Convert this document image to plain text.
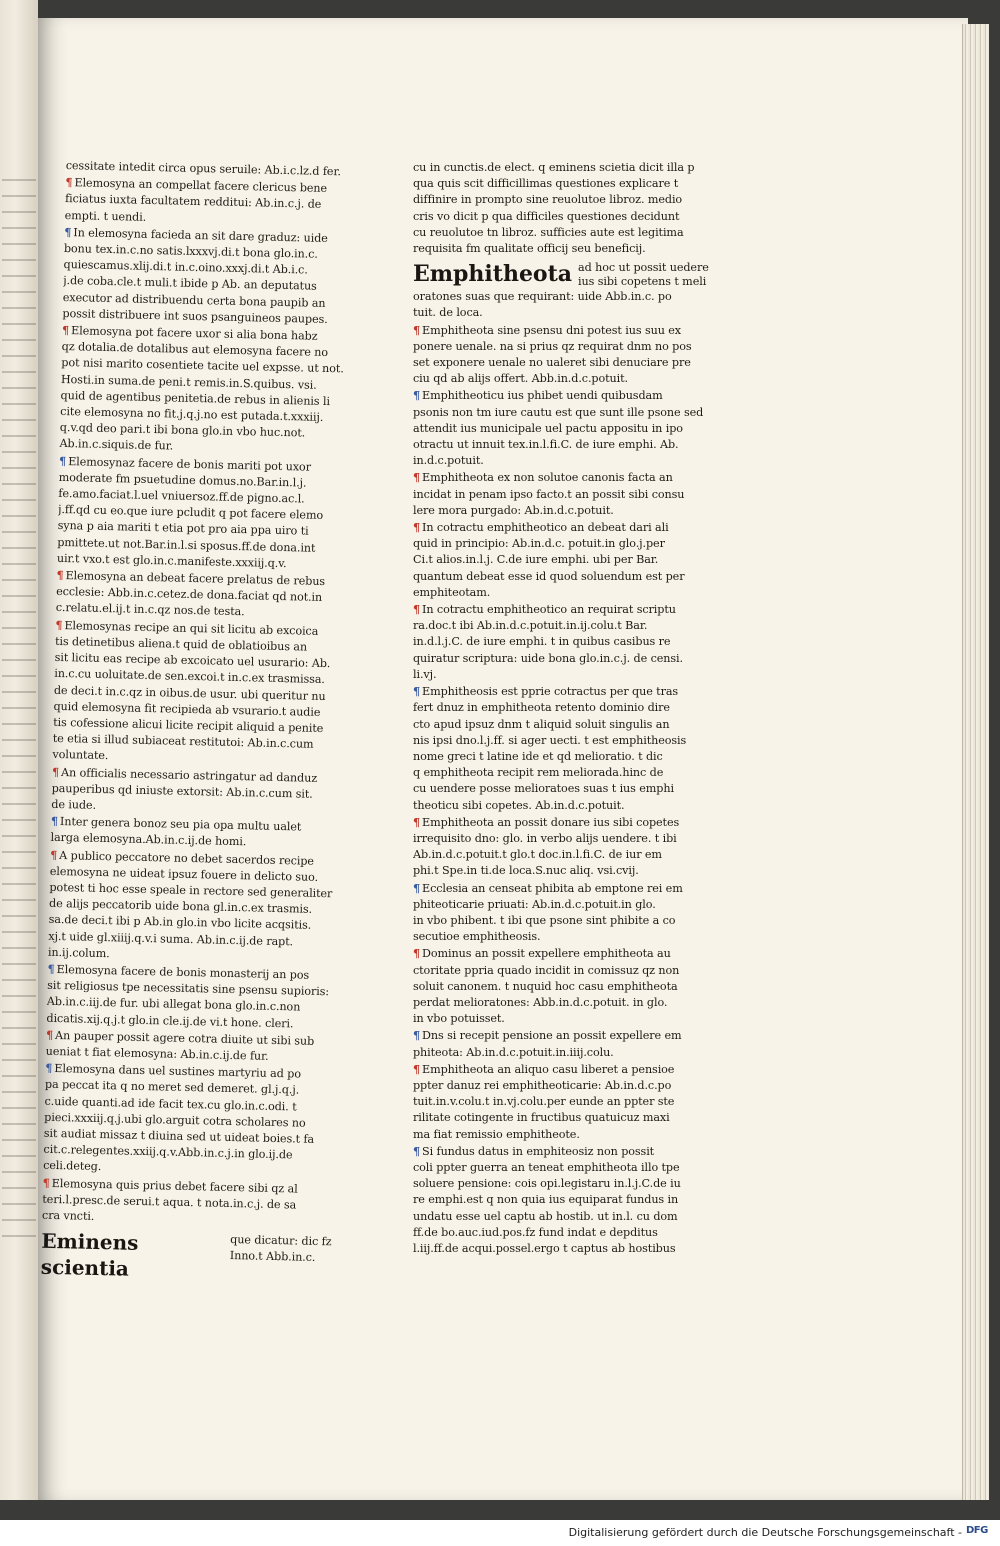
cessitate intedit circa opus seruile: Ab.i.c.lz.d fer.
¶ Elemosyna an compellat facere clericus bene
ficiatus iuxta facultatem redditui: Ab.in.c.j. de
empti. t uendi.
¶ In elemosyna facieda an sit dare graduz: uide
bonu tex.in.c.no satis.lxxxvj.di.t bona glo.in.c.
quiescamus.xlij.di.t in.c.oino.xxxj.di.t Ab.i.c.
j.de coba.cle.t muli.t ibide p Ab. an deputatus
executor ad distribuendu certa bona paupib an
possit distribuere int suos psanguineos paupes.
¶ Elemosyna pot facere uxor si alia bona habz
qz dotalia.de dotalibus aut elemosyna facere no
pot nisi marito cosentiete tacite uel expsse. ut not.
Hosti.in suma.de peni.t remis.in.S.quibus. vsi.
quid de agentibus penitetia.de rebus in alienis li
cite elemosyna no fit.j.q.j.no est putada.t.xxxiij.
q.v.qd deo pari.t ibi bona glo.in vbo huc.not.
Ab.in.c.siquis.de fur.
¶ Elemosynaz facere de bonis mariti pot uxor
moderate fm psuetudine domus.no.Bar.in.l.j.
fe.amo.faciat.l.uel vniuersoz.ff.de pigno.ac.l.
j.ff.qd cu eo.que iure pcludit q pot facere elemo
syna p aia mariti t etia pot pro aia ppa uiro ti
pmittete.ut not.Bar.in.l.si sposus.ff.de dona.int
uir.t vxo.t est glo.in.c.manifeste.xxxiij.q.v.
¶ Elemosyna an debeat facere prelatus de rebus
ecclesie: Abb.in.c.cetez.de dona.faciat qd not.in
c.relatu.el.ij.t in.c.qz nos.de testa.
¶ Elemosynas recipe an qui sit licitu ab excoica
tis detinetibus aliena.t quid de oblatioibus an
sit licitu eas recipe ab excoicato uel usurario: Ab.
in.c.cu uoluitate.de sen.excoi.t in.c.ex trasmissa.
de deci.t in.c.qz in oibus.de usur. ubi queritur nu
quid elemosyna fit recipieda ab vsurario.t audie
tis cofessione alicui licite recipit aliquid a penite
te etia si illud subiaceat restitutoi: Ab.in.c.cum
voluntate.
¶ An officialis necessario astringatur ad danduz
pauperibus qd iniuste extorsit: Ab.in.c.cum sit.
de iude.
¶ Inter genera bonoz seu pia opa multu ualet
larga elemosyna.Ab.in.c.ij.de homi.
¶ A publico peccatore no debet sacerdos recipe
elemosyna ne uideat ipsuz fouere in delicto suo.
potest ti hoc esse speale in rectore sed generaliter
de alijs peccatorib uide bona gl.in.c.ex trasmis.
sa.de deci.t ibi p Ab.in glo.in vbo licite acqsitis.
xj.t uide gl.xiiij.q.v.i suma. Ab.in.c.ij.de rapt.
in.ij.colum.
¶ Elemosyna facere de bonis monasterij an pos
sit religiosus tpe necessitatis sine psensu supioris:
Ab.in.c.iij.de fur. ubi allegat bona glo.in.c.non
dicatis.xij.q.j.t glo.in cle.ij.de vi.t hone. cleri.
¶ An pauper possit agere cotra diuite ut sibi sub
ueniat t fiat elemosyna: Ab.in.c.ij.de fur.
¶ Elemosyna dans uel sustines martyriu ad po
pa peccat ita q no meret sed demeret. gl.j.q.j.
c.uide quanti.ad ide facit tex.cu glo.in.c.odi. t
pieci.xxxiij.q.j.ubi glo.arguit cotra scholares no
sit audiat missaz t diuina sed ut uideat boies.t fa
cit.c.relegentes.xxiij.q.v.Abb.in.c.j.in glo.ij.de
celi.deteg.
¶ Elemosyna quis prius debet facere sibi qz al
teri.l.presc.de serui.t aqua. t nota.in.c.j. de sa
cra vncti.
Eminens scientia
que dicatur: dic fz
Inno.t Abb.in.c.
cu in cunctis.de elect. q eminens scietia dicit illa p
qua quis scit difficillimas questiones explicare t
diffinire in prompto sine reuolutoe libroz. medio
cris vo dicit p qua difficiles questiones decidunt
cu reuolutoe tn libroz. sufficies aute est legitima
requisita fm qualitate officij seu beneficij.
Emphitheota ad hoc ut possit uedere
ius sibi copetens t meli
oratones suas que requirant: uide Abb.in.c. po
tuit. de loca.
¶ Emphitheota sine psensu dni potest ius suu ex
ponere uenale. na si prius qz requirat dnm no pos
set exponere uenale no ualeret sibi denuciare pre
ciu qd ab alijs offert. Abb.in.d.c.potuit.
¶ Emphitheoticu ius phibet uendi quibusdam
psonis non tm iure cautu est que sunt ille psone sed
attendit ius municipale uel pactu appositu in ipo
otractu ut innuit tex.in.l.fi.C. de iure emphi. Ab.
in.d.c.potuit.
¶ Emphitheota ex non solutoe canonis facta an
incidat in penam ipso facto.t an possit sibi consu
lere mora purgado: Ab.in.d.c.potuit.
¶ In cotractu emphitheotico an debeat dari ali
quid in principio: Ab.in.d.c. potuit.in glo.j.per
Ci.t alios.in.l.j. C.de iure emphi. ubi per Bar.
quantum debeat esse id quod soluendum est per
emphiteotam.
¶ In cotractu emphitheotico an requirat scriptu
ra.doc.t ibi Ab.in.d.c.potuit.in.ij.colu.t Bar.
in.d.l.j.C. de iure emphi. t in quibus casibus re
quiratur scriptura: uide bona glo.in.c.j. de censi.
li.vj.
¶ Emphitheosis est pprie cotractus per que tras
fert dnuz in emphitheota retento dominio dire
cto apud ipsuz dnm t aliquid soluit singulis an
nis ipsi dno.l.j.ff. si ager uecti. t est emphitheosis
nome greci t latine ide et qd melioratio. t dic
q emphitheota recipit rem meliorada.hinc de
cu uendere posse melioratoes suas t ius emphi
theoticu sibi copetes. Ab.in.d.c.potuit.
¶ Emphitheota an possit donare ius sibi copetes
irrequisito dno: glo. in verbo alijs uendere. t ibi
Ab.in.d.c.potuit.t glo.t doc.in.l.fi.C. de iur em
phi.t Spe.in ti.de loca.S.nuc aliq. vsi.cvij.
¶ Ecclesia an censeat phibita ab emptone rei em
phiteoticarie priuati: Ab.in.d.c.potuit.in glo.
in vbo phibent. t ibi que psone sint phibite a co
secutioe emphitheosis.
¶ Dominus an possit expellere emphitheota au
ctoritate ppria quado incidit in comissuz qz non
soluit canonem. t nuquid hoc casu emphitheota
perdat melioratones: Abb.in.d.c.potuit. in glo.
in vbo potuisset.
¶ Dns si recepit pensione an possit expellere em
phiteota: Ab.in.d.c.potuit.in.iiij.colu.
¶ Emphitheota an aliquo casu liberet a pensioe
ppter danuz rei emphitheoticarie: Ab.in.d.c.po
tuit.in.v.colu.t in.vj.colu.per eunde an ppter ste
rilitate cotingente in fructibus quatuicuz maxi
ma fiat remissio emphitheote.
¶ Si fundus datus in emphiteosiz non possit
coli ppter guerra an teneat emphitheota illo tpe
soluere pensione: cois opi.legistaru in.l.j.C.de iu
re emphi.est q non quia ius equiparat fundus in
undatu esse uel captu ab hostib. ut in.l. cu dom
ff.de bo.auc.iud.pos.fz fund indat e depditus
l.iij.ff.de acqui.possel.ergo t captus ab hostibus
Digitalisierung gefördert durch die Deutsche Forschungsgemeinschaft - DFG
